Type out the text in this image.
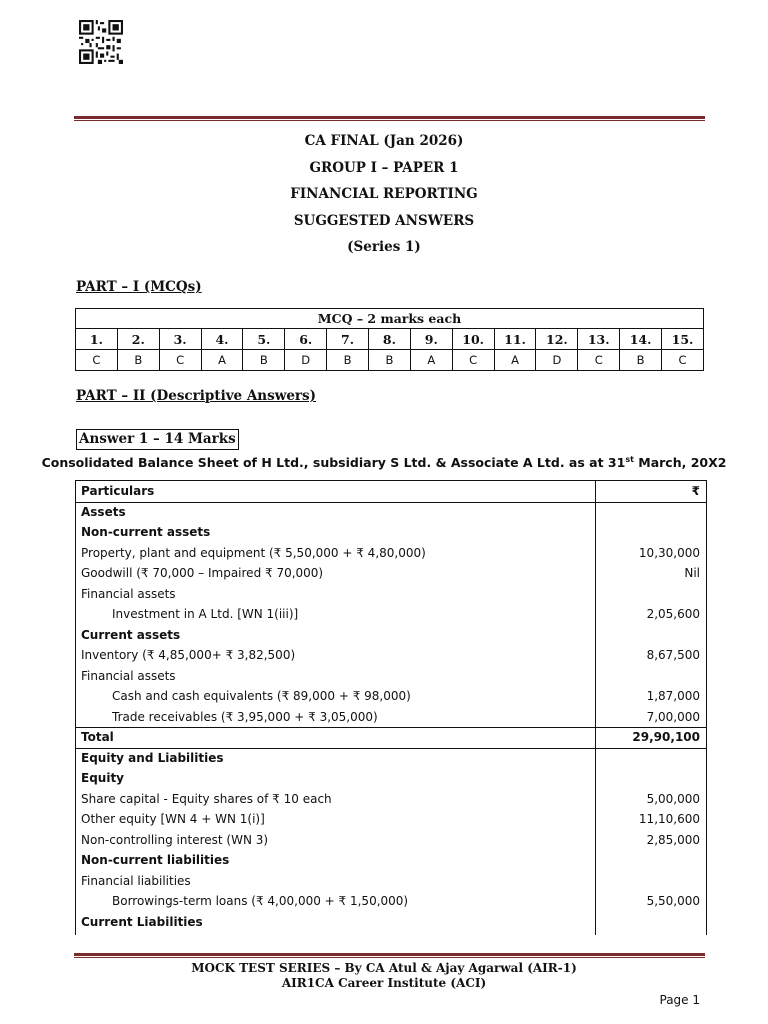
CA FINAL (Jan 2026)
GROUP I – PAPER 1
FINANCIAL REPORTING
SUGGESTED ANSWERS
(Series 1)
PART – I (MCQs)
MCQ – 2 marks each														
1.	2.	3.	4.	5.	6.	7.	8.	9.	10.	11.	12.	13.	14.	15.
C	B	C	A	B	D	B	B	A	C	A	D	C	B	C
PART – II (Descriptive Answers)
Answer 1 – 14 Marks
Consolidated Balance Sheet of H Ltd., subsidiary S Ltd. & Associate A Ltd. as at 31st March, 20X2
Particulars	₹
Assets
Non-current assets
Property, plant and equipment (₹ 5,50,000 + ₹ 4,80,000)	10,30,000
Goodwill (₹ 70,000 – Impaired ₹ 70,000)	Nil
Financial assets
Investment in A Ltd. [WN 1(iii)]	2,05,600
Current assets
Inventory (₹ 4,85,000+ ₹ 3,82,500)	8,67,500
Financial assets
Cash and cash equivalents (₹ 89,000 + ₹ 98,000)	1,87,000
Trade receivables (₹ 3,95,000 + ₹ 3,05,000)	7,00,000
Total	29,90,100
Equity and Liabilities
Equity
Share capital - Equity shares of ₹ 10 each	5,00,000
Other equity [WN 4 + WN 1(i)]	11,10,600
Non-controlling interest (WN 3)	2,85,000
Non-current liabilities
Financial liabilities
Borrowings-term loans (₹ 4,00,000 + ₹ 1,50,000)	5,50,000
Current Liabilities
MOCK TEST SERIES – By CA Atul & Ajay Agarwal (AIR-1)
AIR1CA Career Institute (ACI)
Page 1
